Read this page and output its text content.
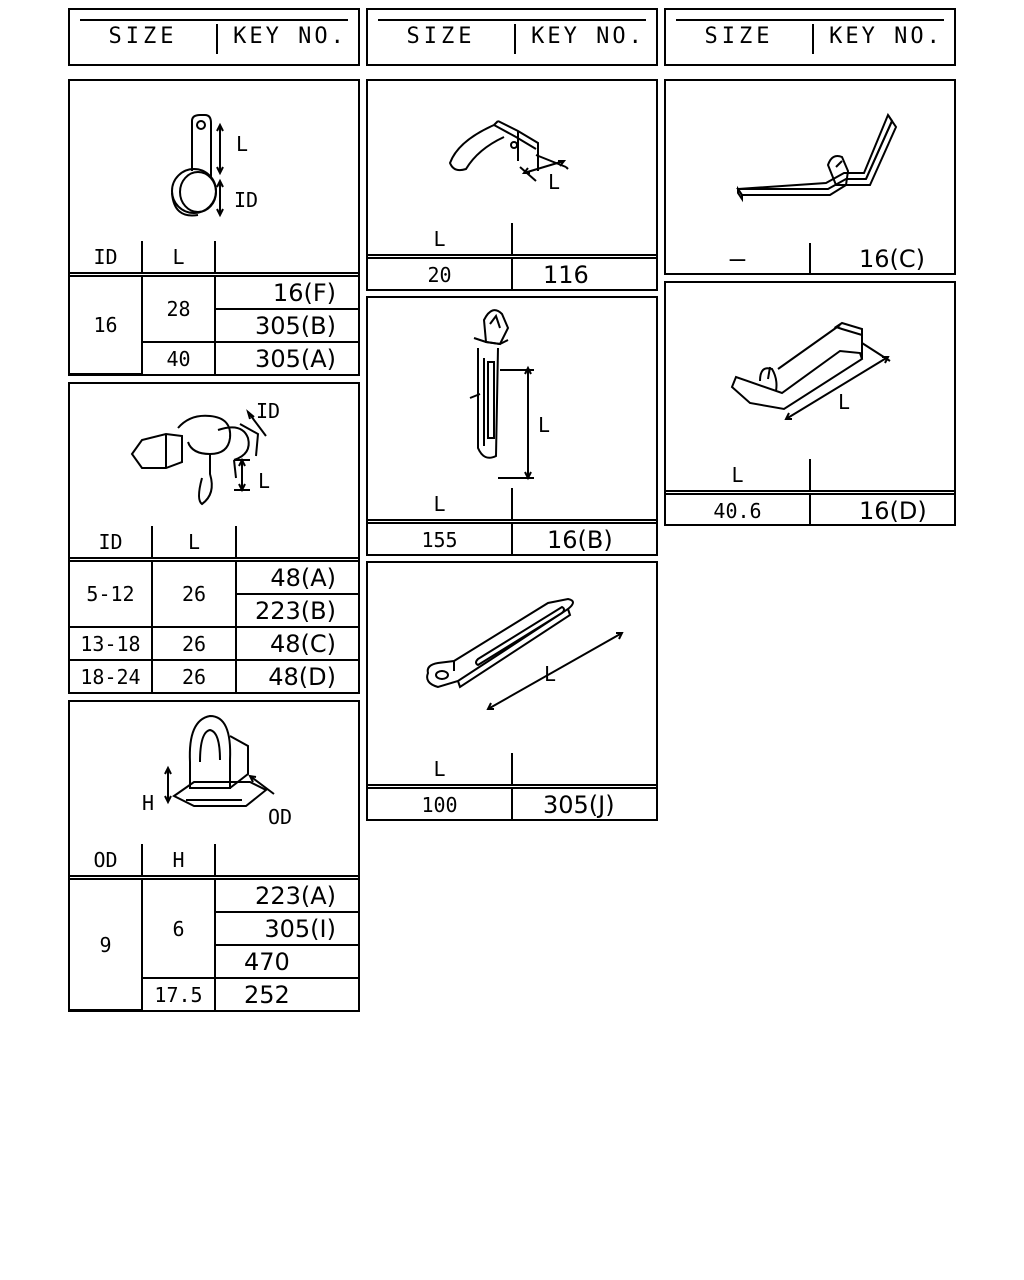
SIZE	KEY NO.	SIZE	KEY NO.	SIZE	KEY NO.
L
ID
ID	L	
16	28	16(F)
		305(B)
	40	305(A)
ID
L
ID	L	
5-12	26	48(A)
		223(B)
13-18	26	48(C)
18-24	26	48(D)
H
OD
OD	H	
9	6	223(A)
		305(I)
		470
	17.5	252
L
L	
20	116
L
L	
155	16(B)
L
L	
100	305(J)
—	16(C)
L
L	
40.6	16(D)
